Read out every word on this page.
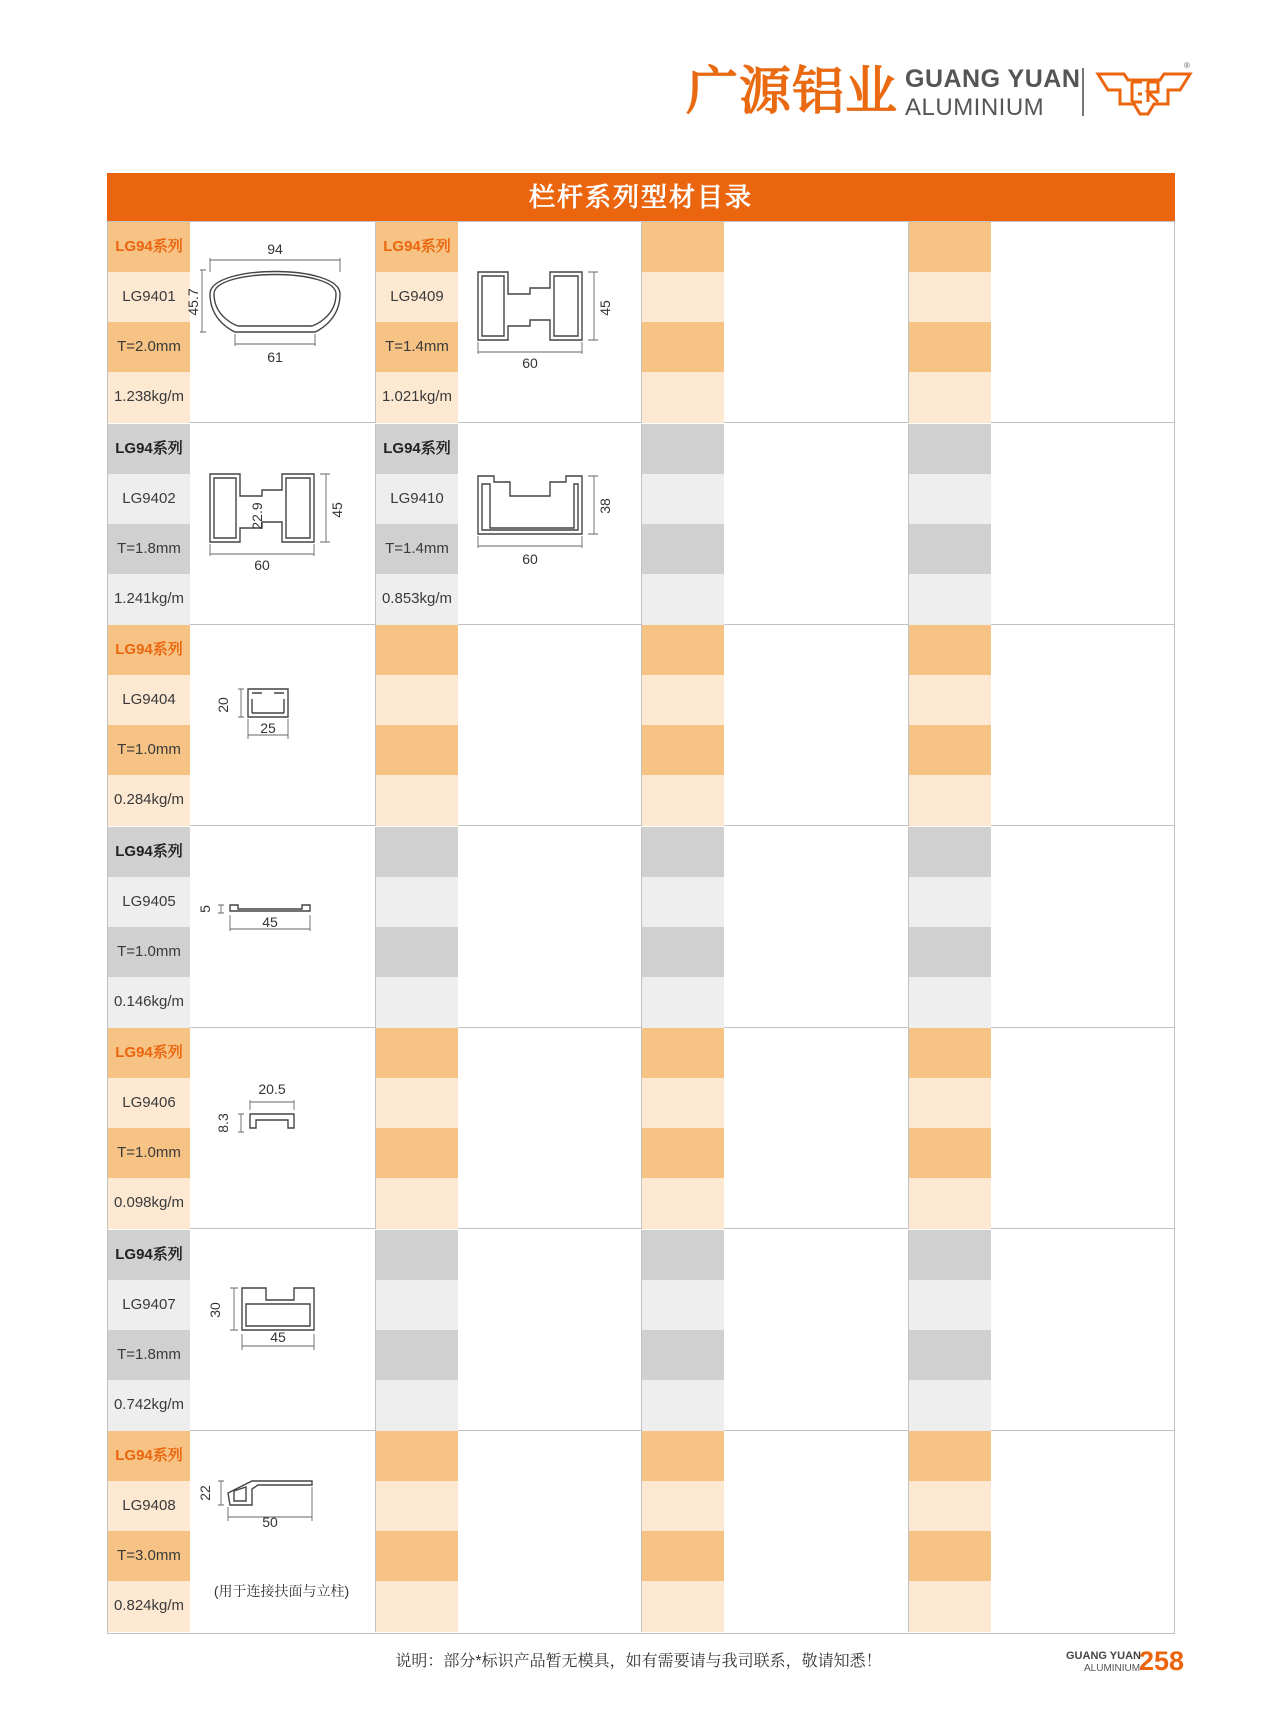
广源铝业 GUANG YUAN
ALUMINIUM
®
栏杆系列型材目录
LG94系列
LG9401
T=2.0mm
1.238kg/m
94
45.7
61
LG94系列
LG9409
T=1.4mm
1.021kg/m
60
45
LG94系列
LG9402
T=1.8mm
1.241kg/m
60
22.9	45
LG94系列
LG9410
T=1.4mm
0.853kg/m
60
38
LG94系列
LG9404
T=1.0mm
0.284kg/m
20
25
LG94系列
LG9405
T=1.0mm
0.146kg/m
5
45
LG94系列
LG9406
T=1.0mm
0.098kg/m
20.5
8.3
LG94系列
LG9407
T=1.8mm
0.742kg/m
30
45
LG94系列
LG9408
T=3.0mm
0.824kg/m
22
50
(用于连接扶面与立柱)
说明：部分*标识产品暂无模具，如有需要请与我司联系，敬请知悉！	GUANG YUAN
ALUMINIUM
258
